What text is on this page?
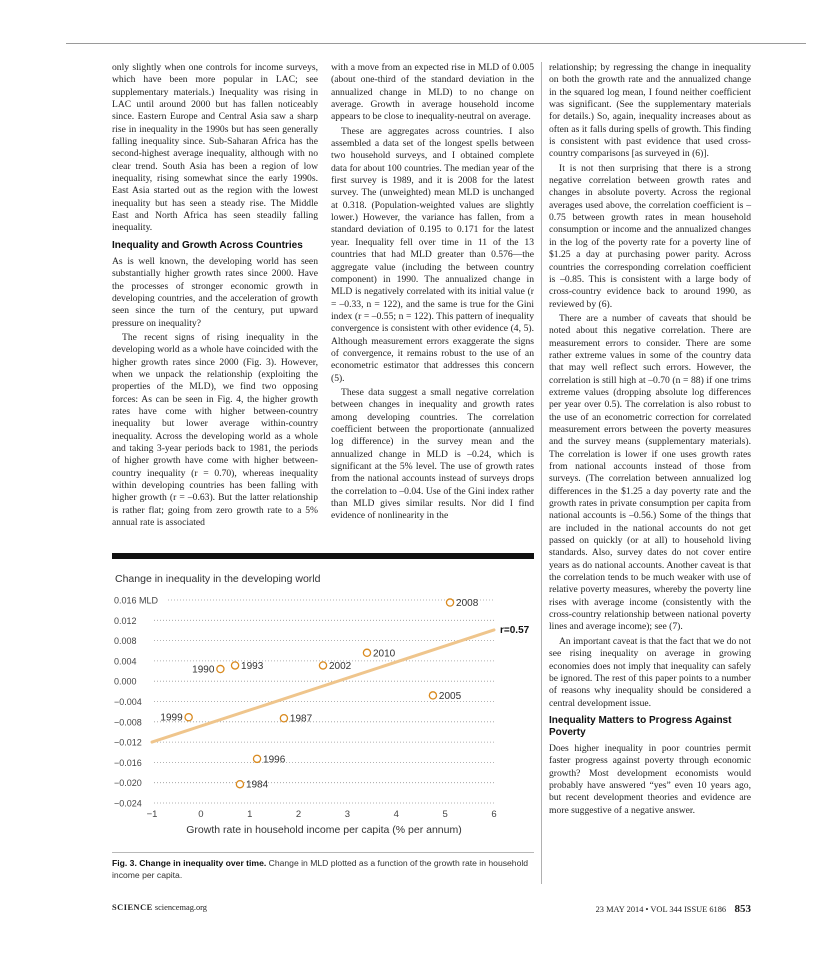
only slightly when one controls for income surveys, which have been more popular in LAC; see supplementary materials.) Inequality was rising in LAC until around 2000 but has fallen noticeably since. Eastern Europe and Central Asia saw a sharp rise in inequality in the 1990s but has seen generally falling inequality since. Sub-Saharan Africa has the second-highest average inequality, although with no clear trend. South Asia has been a region of low inequality, rising somewhat since the early 1990s. East Asia started out as the region with the lowest inequality but has seen a steady rise. The Middle East and North Africa has seen steadily falling inequality.

Inequality and Growth Across Countries

As is well known, the developing world has seen substantially higher growth rates since 2000. Have the processes of stronger economic growth in developing countries, and the acceleration of growth seen since the turn of the century, put upward pressure on inequality?

The recent signs of rising inequality in the developing world as a whole have coincided with the higher growth rates since 2000 (Fig. 3). However, when we unpack the relationship (exploiting the properties of the MLD), we find two opposing forces: As can be seen in Fig. 4, the higher growth rates have come with higher between-country inequality but lower average within-country inequality. Across the developing world as a whole and taking 3-year periods back to 1981, the periods of higher growth have come with higher between-country inequality (r = 0.70), whereas inequality within developing countries has been falling with higher growth (r = –0.63). But the latter relationship is rather flat; going from zero growth rate to a 5% annual rate is associated

with a move from an expected rise in MLD of 0.005 (about one-third of the standard deviation in the annualized change in MLD) to no change on average. Growth in average household income appears to be close to inequality-neutral on average.

These are aggregates across countries. I also assembled a data set of the longest spells between two household surveys, and I obtained complete data for about 100 countries. The median year of the first survey is 1989, and it is 2008 for the latest survey. The (unweighted) mean MLD is unchanged at 0.318. (Population-weighted values are slightly lower.) However, the variance has fallen, from a standard deviation of 0.195 to 0.171 for the latest year. Inequality fell over time in 11 of the 13 countries that had MLD greater than 0.576—the aggregate value (including the between country component) in 1990. The annualized change in MLD is negatively correlated with its initial value (r = –0.33, n = 122), and the same is true for the Gini index (r = –0.55; n = 122). This pattern of inequality convergence is consistent with other evidence (4, 5). Although measurement errors exaggerate the signs of convergence, it remains robust to the use of an econometric estimator that addresses this concern (5).

These data suggest a small negative correlation between changes in inequality and growth rates among developing countries. The correlation coefficient between the proportionate (annualized log difference) in the survey mean and the annualized change in MLD is –0.24, which is significant at the 5% level. The use of growth rates from the national accounts instead of surveys drops the correlation to –0.04. Use of the Gini index rather than MLD gives similar results. Nor did I find evidence of nonlinearity in the

relationship; by regressing the change in inequality on both the growth rate and the annualized change in the squared log mean, I found neither coefficient was significant. (See the supplementary materials for details.) So, again, inequality increases about as often as it falls during spells of growth. This finding is consistent with past evidence that used cross-country comparisons [as surveyed in (6)].

It is not then surprising that there is a strong negative correlation between growth rates and changes in absolute poverty. Across the regional averages used above, the correlation coefficient is –0.75 between growth rates in mean household consumption or income and the annualized changes in the log of the poverty rate for a poverty line of $1.25 a day at purchasing power parity. Across countries the corresponding correlation coefficient is –0.85. This is consistent with a large body of cross-country evidence back to around 1990, as reviewed by (6).

There are a number of caveats that should be noted about this negative correlation. There are measurement errors to consider. There are some rather extreme values in some of the country data that may well reflect such errors. However, the correlation is still high at –0.70 (n = 88) if one trims extreme values (dropping absolute log differences per year over 0.5). The correlation is also robust to the use of an econometric correction for correlated measurement errors between the poverty measures and the survey means (supplementary materials). The correlation is lower if one uses growth rates from national accounts instead of those from surveys. (The correlation between annualized log differences in the $1.25 a day poverty rate and the growth rates in private consumption per capita from national accounts is –0.56.) Some of the things that are included in the national accounts do not get passed on quickly (or at all) to household living standards. Also, survey dates do not cover entire years as do national accounts. Another caveat is that the correlation tends to be much weaker with use of relative poverty measures, whereby the poverty line rises with average income (consistently with the cross-country relationship between national poverty lines and average income); see (7).

An important caveat is that the fact that we do not see rising inequality on average in growing economies does not imply that inequality can safely be ignored. The rest of this paper points to a number of reasons why inequality should be considered a central development issue.

Inequality Matters to Progress Against Poverty

Does higher inequality in poor countries permit faster progress against poverty through economic growth? Most development economists would probably have answered “yes” even 10 years ago, but recent development theories and evidence are more suggestive of a negative answer.

Change in inequality in the developing world
0.016 MLD
0.012
0.008
0.004
0.000
−0.004
−0.008
−0.012
−0.016
−0.020
−0.024
r=0.57
2008
2010
2002
1993
1990
2005
1999	1987
1996
1984
−1	0	1	2	3	4	5	6
Growth rate in household income per capita (% per annum)
Fig. 3. Change in inequality over time. Change in MLD plotted as a function of the growth rate in household income per capita.
SCIENCE sciencemag.org	23 MAY 2014 • VOL 344 ISSUE 6186 853
